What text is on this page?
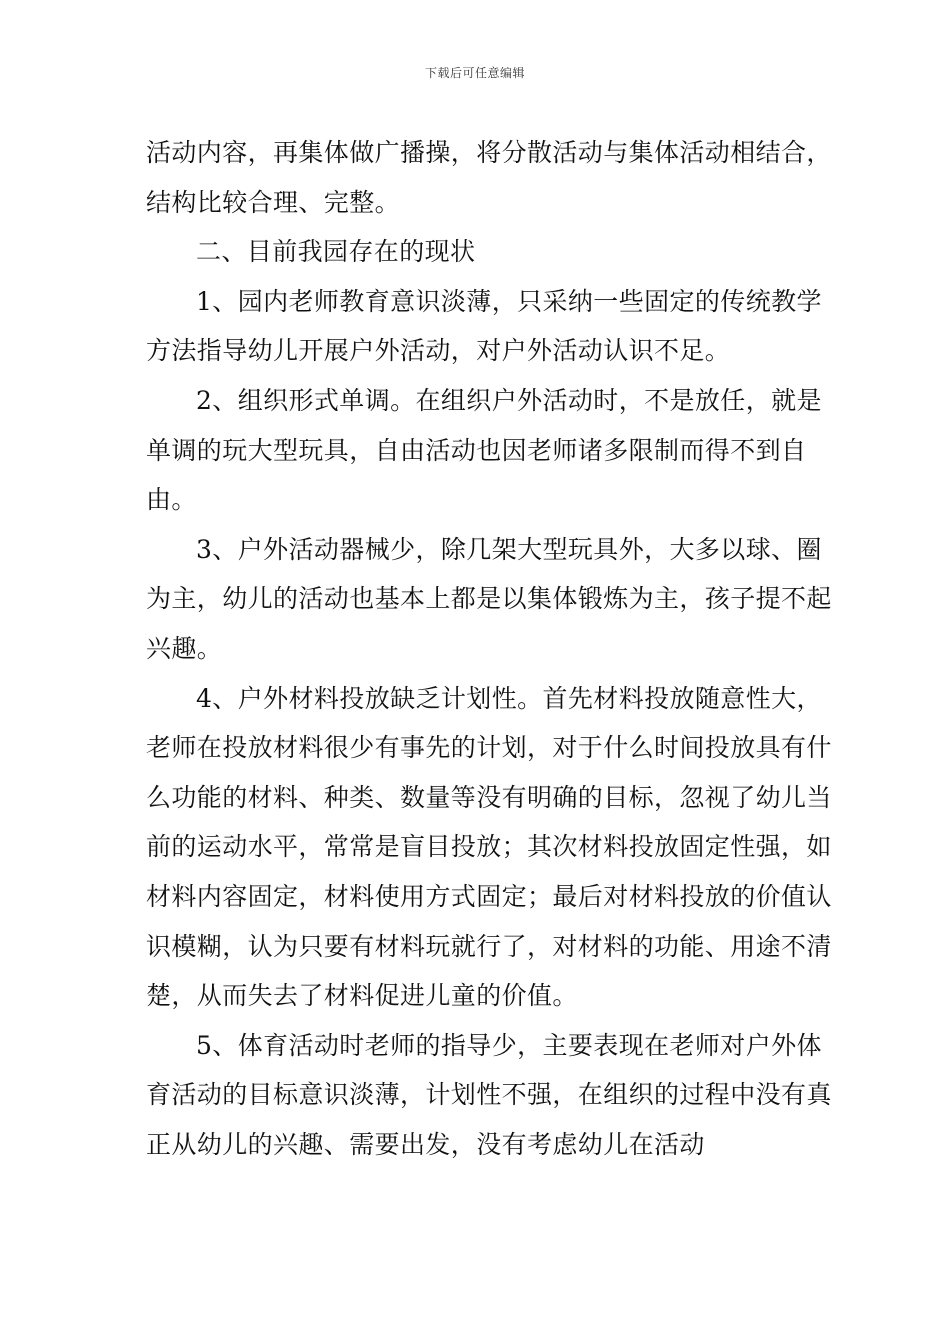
下载后可任意编辑

活动内容，再集体做广播操，将分散活动与集体活动相结合，结构比较合理、完整。

二、目前我园存在的现状

1、园内老师教育意识淡薄，只采纳一些固定的传统教学方法指导幼儿开展户外活动，对户外活动认识不足。

2、组织形式单调。在组织户外活动时，不是放任，就是单调的玩大型玩具，自由活动也因老师诸多限制而得不到自由。

3、户外活动器械少，除几架大型玩具外，大多以球、圈为主，幼儿的活动也基本上都是以集体锻炼为主，孩子提不起兴趣。

4、户外材料投放缺乏计划性。首先材料投放随意性大，老师在投放材料很少有事先的计划，对于什么时间投放具有什么功能的材料、种类、数量等没有明确的目标，忽视了幼儿当前的运动水平，常常是盲目投放；其次材料投放固定性强，如材料内容固定，材料使用方式固定；最后对材料投放的价值认识模糊，认为只要有材料玩就行了，对材料的功能、用途不清楚，从而失去了材料促进儿童的价值。

5、体育活动时老师的指导少，主要表现在老师对户外体育活动的目标意识淡薄，计划性不强，在组织的过程中没有真正从幼儿的兴趣、需要出发，没有考虑幼儿在活动
